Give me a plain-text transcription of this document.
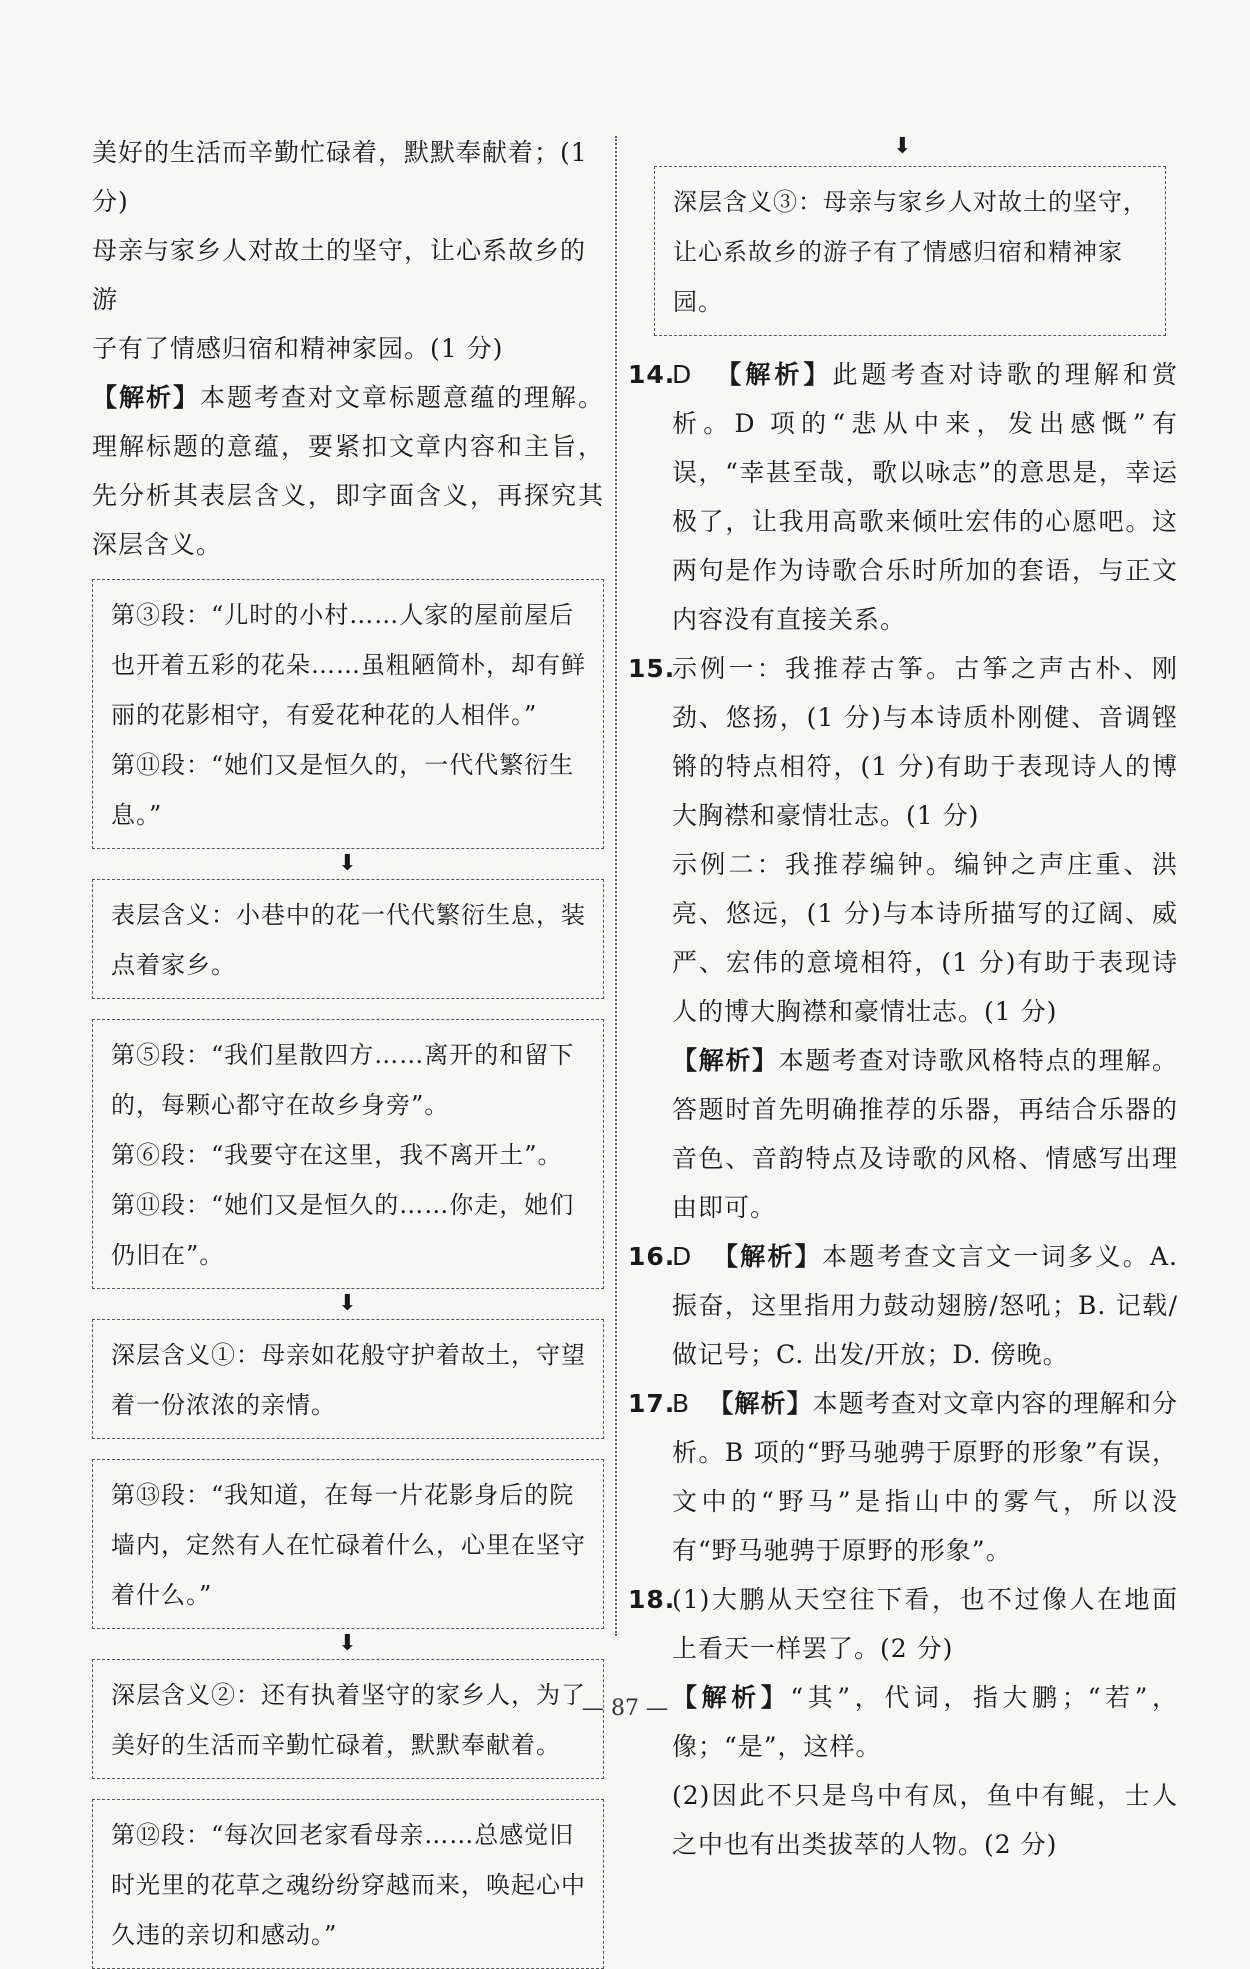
美好的生活而辛勤忙碌着，默默奉献着；(1 分)

母亲与家乡人对故土的坚守，让心系故乡的游

子有了情感归宿和精神家园。(1 分)

【解析】本题考查对文章标题意蕴的理解。理解标题的意蕴，要紧扣文章内容和主旨，先分析其表层含义，即字面含义，再探究其深层含义。

第③段：“儿时的小村……人家的屋前屋后也开着五彩的花朵……虽粗陋简朴，却有鲜丽的花影相守，有爱花种花的人相伴。”
第⑪段：“她们又是恒久的，一代代繁衍生息。”
⬇
表层含义：小巷中的花一代代繁衍生息，装点着家乡。
第⑤段：“我们星散四方……离开的和留下的，每颗心都守在故乡身旁”。
第⑥段：“我要守在这里，我不离开土”。
第⑪段：“她们又是恒久的……你走，她们仍旧在”。
⬇
深层含义①：母亲如花般守护着故土，守望着一份浓浓的亲情。
第⑬段：“我知道，在每一片花影身后的院墙内，定然有人在忙碌着什么，心里在坚守着什么。”
⬇
深层含义②：还有执着坚守的家乡人，为了美好的生活而辛勤忙碌着，默默奉献着。
第⑫段：“每次回老家看母亲……总感觉旧时光里的花草之魂纷纷穿越而来，唤起心中久违的亲切和感动。”
⬇
深层含义③：母亲与家乡人对故土的坚守，让心系故乡的游子有了情感归宿和精神家园。
14.
D 【解析】此题考查对诗歌的理解和赏析。D 项的“悲从中来，发出感慨”有误，“幸甚至哉，歌以咏志”的意思是，幸运极了，让我用高歌来倾吐宏伟的心愿吧。这两句是作为诗歌合乐时所加的套语，与正文内容没有直接关系。
15.

示例一：我推荐古筝。古筝之声古朴、刚劲、悠扬，(1 分)与本诗质朴刚健、音调铿锵的特点相符，(1 分)有助于表现诗人的博大胸襟和豪情壮志。(1 分)

示例二：我推荐编钟。编钟之声庄重、洪亮、悠远，(1 分)与本诗所描写的辽阔、威严、宏伟的意境相符，(1 分)有助于表现诗人的博大胸襟和豪情壮志。(1 分)

【解析】本题考查对诗歌风格特点的理解。答题时首先明确推荐的乐器，再结合乐器的音色、音韵特点及诗歌的风格、情感写出理由即可。

16.
D 【解析】本题考查文言文一词多义。A. 振奋，这里指用力鼓动翅膀/怒吼；B. 记载/做记号；C. 出发/开放；D. 傍晚。
17.
B 【解析】本题考查对文章内容的理解和分析。B 项的“野马驰骋于原野的形象”有误，文中的“野马”是指山中的雾气，所以没有“野马驰骋于原野的形象”。
18.

(1)大鹏从天空往下看，也不过像人在地面上看天一样罢了。(2 分)

【解析】“其”，代词，指大鹏；“若”，像；“是”，这样。

(2)因此不只是鸟中有凤，鱼中有鲲，士人之中也有出类拔萃的人物。(2 分)

— 87 —
